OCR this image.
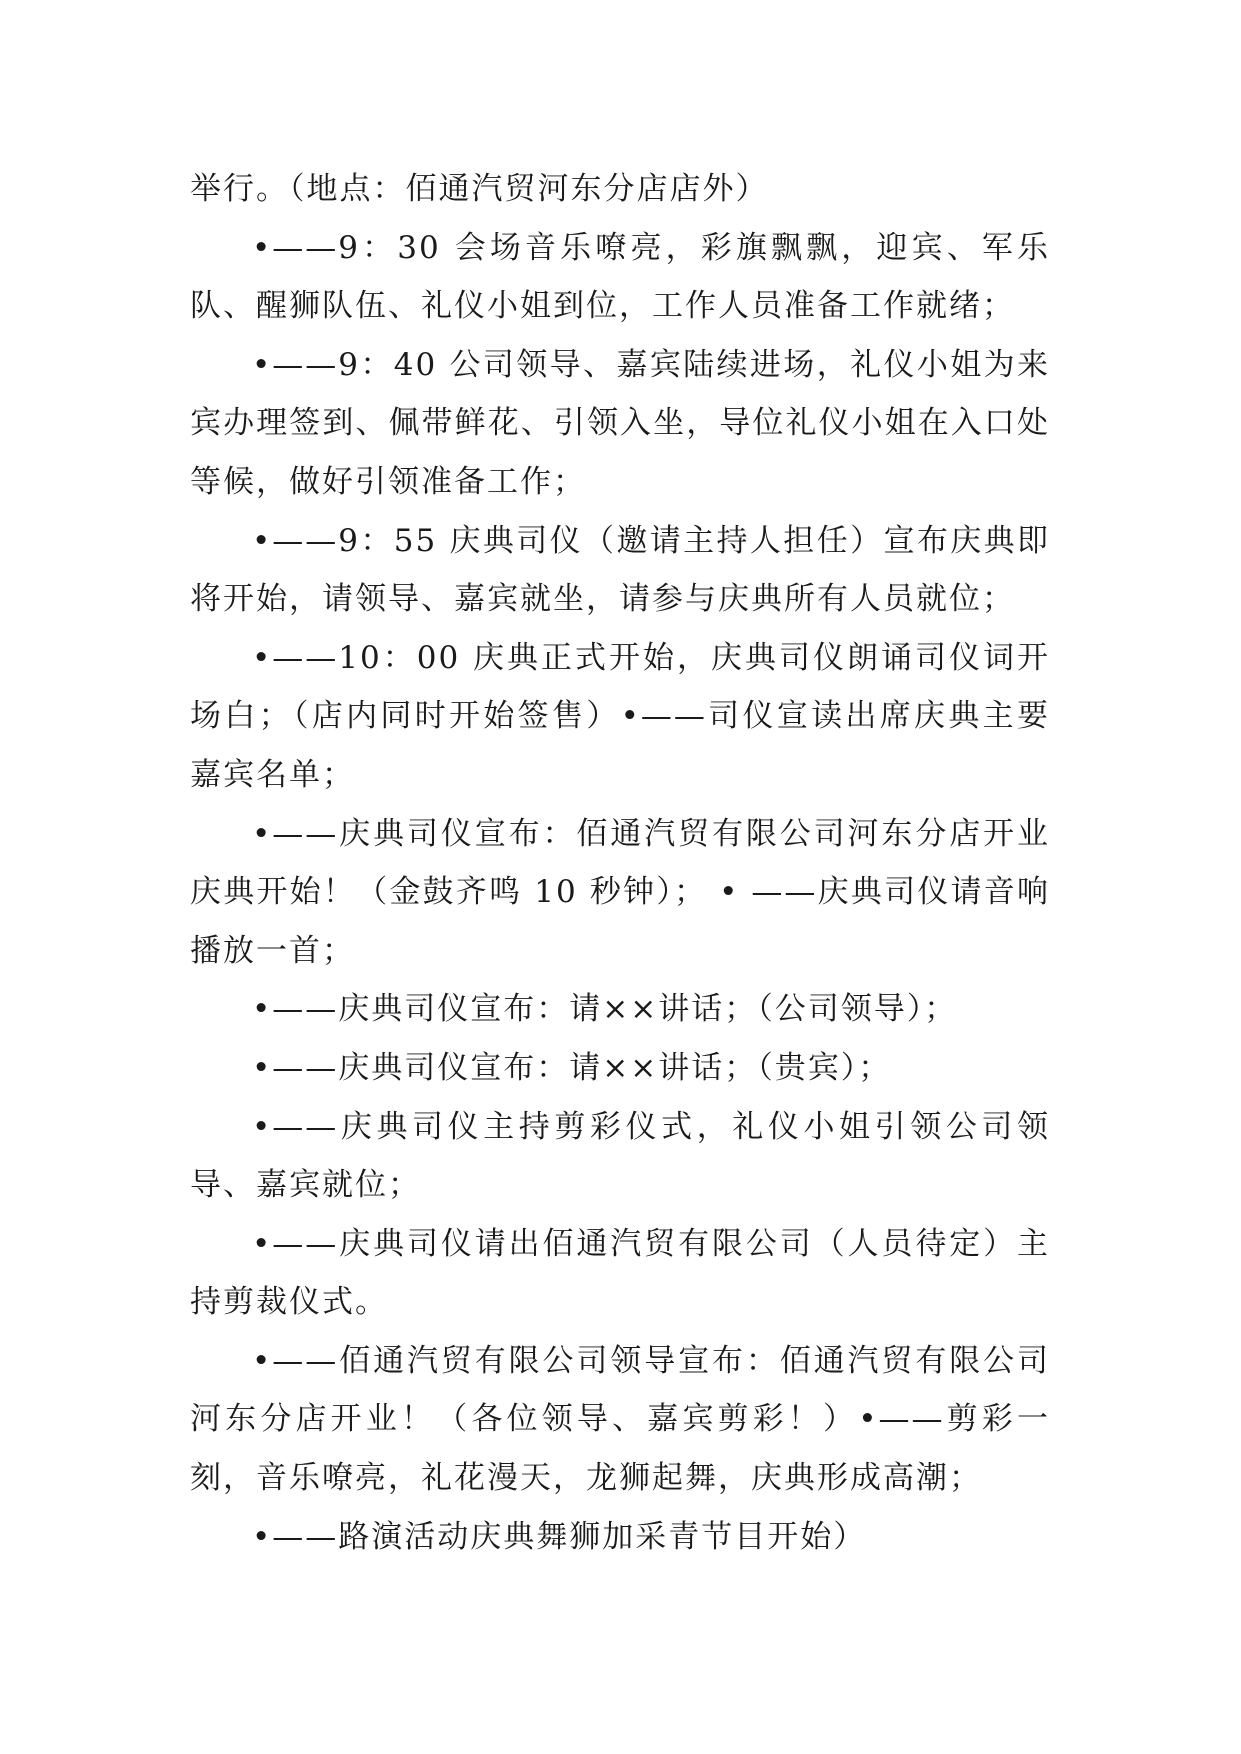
举行。（地点：佰通汽贸河东分店店外）

•——9：30 会场音乐嘹亮，彩旗飘飘，迎宾、军乐队、醒狮队伍、礼仪小姐到位，工作人员准备工作就绪；

•——9：40 公司领导、嘉宾陆续进场，礼仪小姐为来宾办理签到、佩带鲜花、引领入坐，导位礼仪小姐在入口处等候，做好引领准备工作；

•——9：55 庆典司仪（邀请主持人担任）宣布庆典即将开始，请领导、嘉宾就坐，请参与庆典所有人员就位；

•——10：00 庆典正式开始，庆典司仪朗诵司仪词开场白；（店内同时开始签售）•——司仪宣读出席庆典主要嘉宾名单；

•——庆典司仪宣布：佰通汽贸有限公司河东分店开业庆典开始！（金鼓齐鸣 10 秒钟）； • ——庆典司仪请音响播放一首；

•——庆典司仪宣布：请××讲话；（公司领导）；

•——庆典司仪宣布：请××讲话；（贵宾）；

•——庆典司仪主持剪彩仪式，礼仪小姐引领公司领导、嘉宾就位；

•——庆典司仪请出佰通汽贸有限公司（人员待定）主持剪裁仪式。

•——佰通汽贸有限公司领导宣布：佰通汽贸有限公司河东分店开业！（各位领导、嘉宾剪彩！）•——剪彩一刻，音乐嘹亮，礼花漫天，龙狮起舞，庆典形成高潮；

•——路演活动庆典舞狮加采青节目开始）
